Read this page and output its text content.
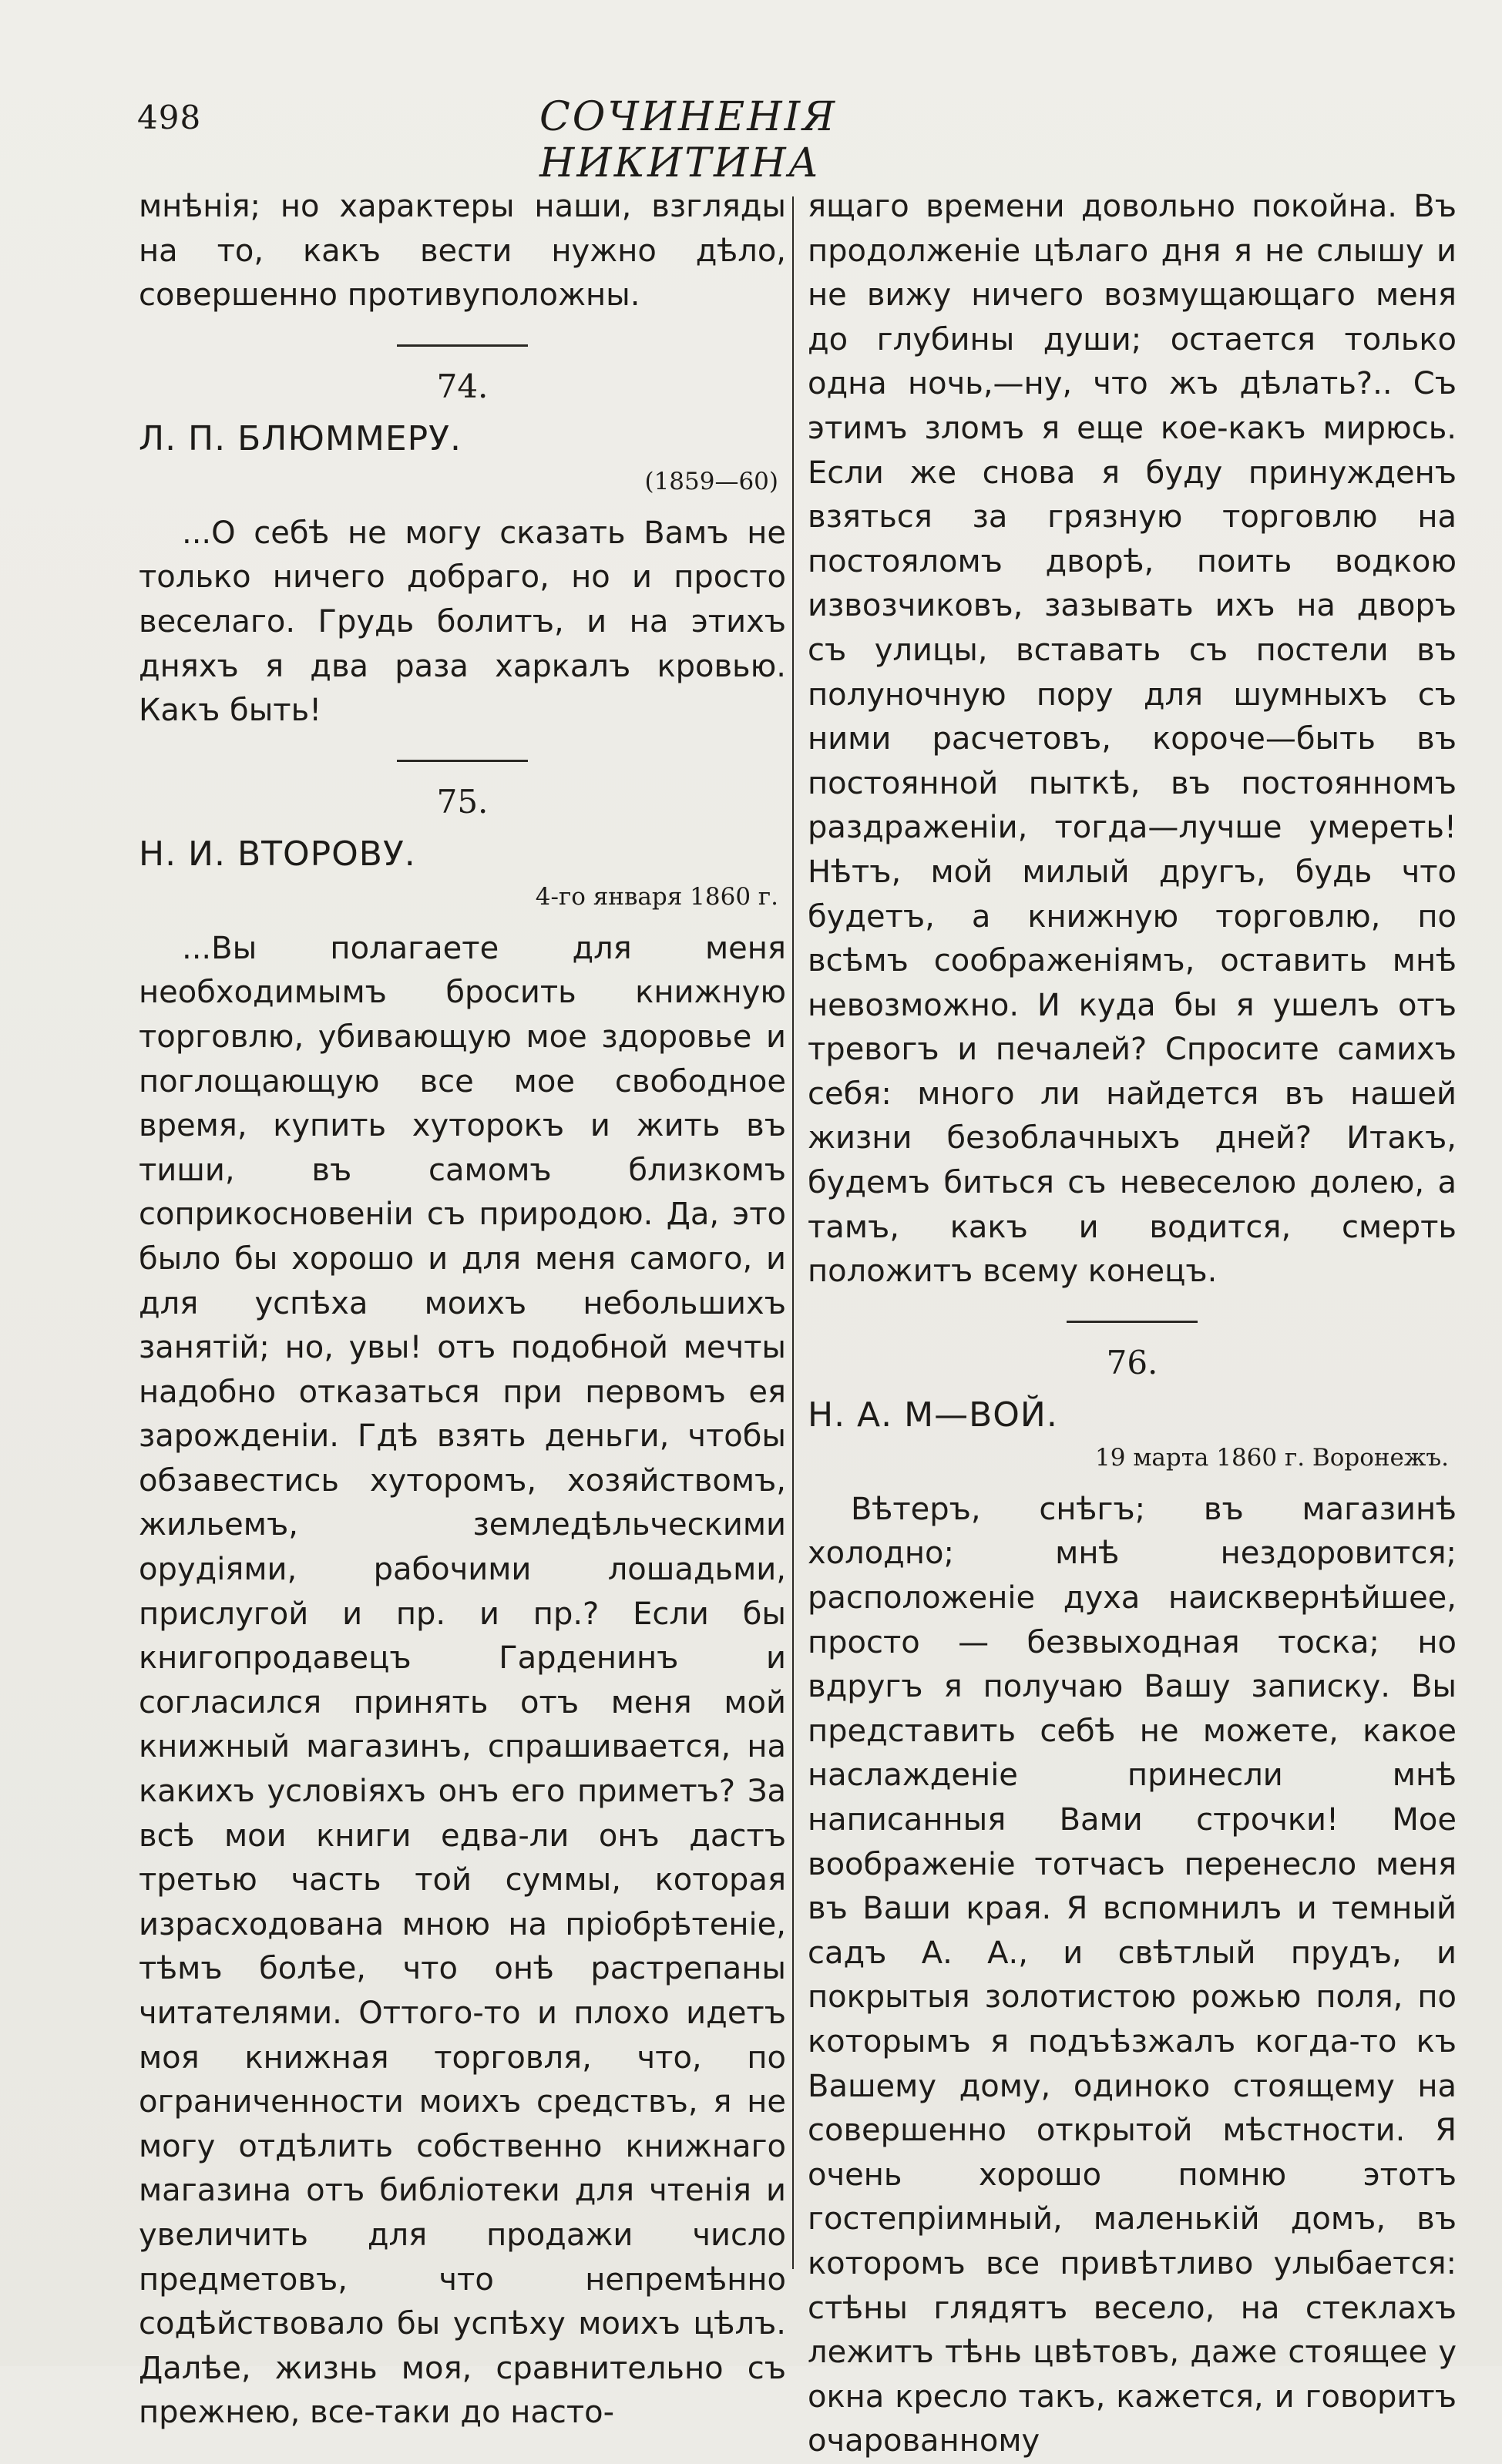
498	СОЧИНЕНІЯ НИКИТИНА

мнѣнія; но характеры наши, взгляды на то, какъ вести нужно дѣло, совершенно противуположны.

74.
Л. П. БЛЮММЕРУ.
(1859—60)

...О себѣ не могу сказать Вамъ не только ничего добраго, но и просто веселаго. Грудь болитъ, и на этихъ дняхъ я два раза харкалъ кровью. Какъ быть!

75.
Н. И. ВТОРОВУ.
4-го января 1860 г.

...Вы полагаете для меня необходимымъ бросить книжную торговлю, убивающую мое здоровье и поглощающую все мое свободное время, купить хуторокъ и жить въ тиши, въ самомъ близкомъ соприкосновеніи съ природою. Да, это было бы хорошо и для меня самого, и для успѣха моихъ небольшихъ занятій; но, увы! отъ подобной мечты надобно отказаться при первомъ ея зарожденіи. Гдѣ взять деньги, чтобы обзавестись хуторомъ, хозяйствомъ, жильемъ, земледѣльческими орудіями, рабочими лошадьми, прислугой и пр. и пр.? Если бы книгопродавецъ Гарденинъ и согласился принять отъ меня мой книжный магазинъ, спрашивается, на какихъ условіяхъ онъ его приметъ? За всѣ мои книги едва-ли онъ дастъ третью часть той суммы, которая израсходована мною на пріобрѣтеніе, тѣмъ болѣе, что онѣ растрепаны читателями. Оттого-то и плохо идетъ моя книжная торговля, что, по ограниченности моихъ средствъ, я не могу отдѣлить собственно книжнаго магазина отъ библіотеки для чтенія и увеличить для продажи число предметовъ, что непремѣнно содѣйствовало бы успѣху моихъ цѣлъ. Далѣе, жизнь моя, сравнительно съ прежнею, все-таки до насто-

ящаго времени довольно покойна. Въ продолженіе цѣлаго дня я не слышу и не вижу ничего возмущающаго меня до глубины души; остается только одна ночь,—ну, что жъ дѣлать?.. Съ этимъ зломъ я еще кое-какъ мирюсь. Если же снова я буду принужденъ взяться за грязную торговлю на постояломъ дворѣ, поить водкою извозчиковъ, зазывать ихъ на дворъ съ улицы, вставать съ постели въ полуночную пору для шумныхъ съ ними расчетовъ, короче—быть въ постоянной пыткѣ, въ постоянномъ раздраженіи, тогда—лучше умереть! Нѣтъ, мой милый другъ, будь что будетъ, а книжную торговлю, по всѣмъ соображеніямъ, оставить мнѣ невозможно. И куда бы я ушелъ отъ тревогъ и печалей? Спросите самихъ себя: много ли найдется въ нашей жизни безоблачныхъ дней? Итакъ, будемъ биться съ невеселою долею, а тамъ, какъ и водится, смерть положитъ всему конецъ.

76.
Н. А. М—ВОЙ.
19 марта 1860 г. Воронежъ.

Вѣтеръ, снѣгъ; въ магазинѣ холодно; мнѣ нездоровится; расположеніе духа наисквернѣйшее, просто — безвыходная тоска; но вдругъ я получаю Вашу записку. Вы представить себѣ не можете, какое наслажденіе принесли мнѣ написанныя Вами строчки! Мое воображеніе тотчасъ перенесло меня въ Ваши края. Я вспомнилъ и темный садъ А. А., и свѣтлый прудъ, и покрытыя золотистою рожью поля, по которымъ я подъѣзжалъ когда-то къ Вашему дому, одиноко стоящему на совершенно открытой мѣстности. Я очень хорошо помню этотъ гостепріимный, маленькій домъ, въ которомъ все привѣтливо улыбается: стѣны глядятъ весело, на стеклахъ лежитъ тѣнь цвѣтовъ, даже стоящее у окна кресло такъ, кажется, и говоритъ очарованному
